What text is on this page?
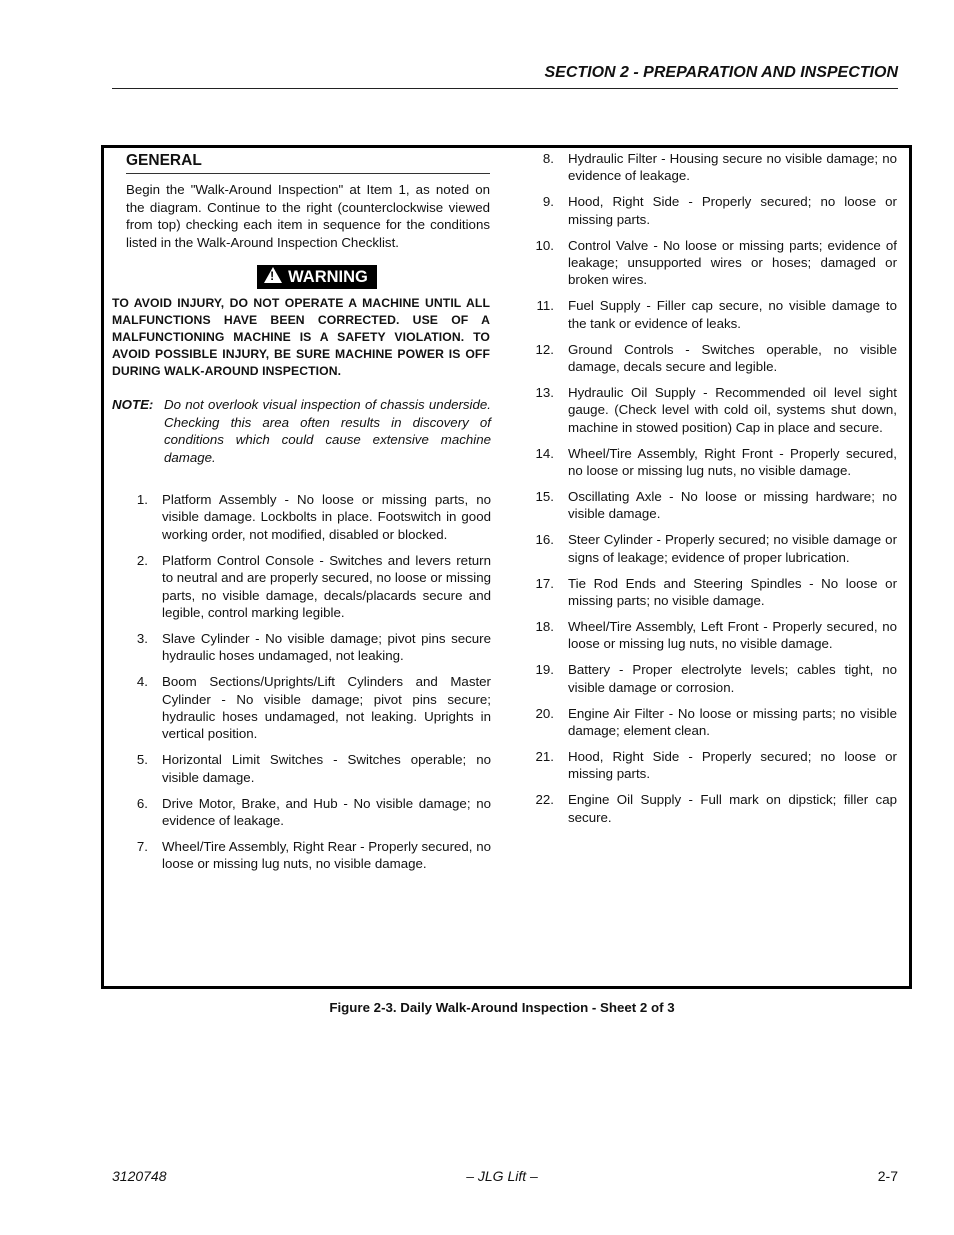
SECTION 2 - PREPARATION AND INSPECTION
GENERAL
Begin the "Walk-Around Inspection" at Item 1, as noted on the diagram. Continue to the right (counterclockwise viewed from top) checking each item in sequence for the conditions listed in the Walk-Around Inspection Checklist.
! WARNING
TO AVOID INJURY, DO NOT OPERATE A MACHINE UNTIL ALL MALFUNCTIONS HAVE BEEN CORRECTED. USE OF A MALFUNCTIONING MACHINE IS A SAFETY VIOLATION. TO AVOID POSSIBLE INJURY, BE SURE MACHINE POWER IS OFF DURING WALK-AROUND INSPECTION.
NOTE: Do not overlook visual inspection of chassis underside. Checking this area often results in discovery of conditions which could cause extensive machine damage.
1.	Platform Assembly - No loose or missing parts, no visible damage. Lockbolts in place. Footswitch in good working order, not modified, disabled or blocked.
2.	Platform Control Console - Switches and levers return to neutral and are properly secured, no loose or missing parts, no visible damage, decals/placards secure and legible, control marking legible.
3.	Slave Cylinder - No visible damage; pivot pins secure hydraulic hoses undamaged, not leaking.
4.	Boom Sections/Uprights/Lift Cylinders and Master Cylinder - No visible damage; pivot pins secure; hydraulic hoses undamaged, not leaking. Uprights in vertical position.
5.	Horizontal Limit Switches - Switches operable; no visible damage.
6.	Drive Motor, Brake, and Hub - No visible damage; no evidence of leakage.
7.	Wheel/Tire Assembly, Right Rear - Properly secured, no loose or missing lug nuts, no visible damage.
8.	Hydraulic Filter - Housing secure no visible damage; no evidence of leakage.
9.	Hood, Right Side - Properly secured; no loose or missing parts.
10.	Control Valve - No loose or missing parts; evidence of leakage; unsupported wires or hoses; damaged or broken wires.
11.	Fuel Supply - Filler cap secure, no visible damage to the tank or evidence of leaks.
12.	Ground Controls - Switches operable, no visible damage, decals secure and legible.
13.	Hydraulic Oil Supply - Recommended oil level sight gauge. (Check level with cold oil, systems shut down, machine in stowed position) Cap in place and secure.
14.	Wheel/Tire Assembly, Right Front - Properly secured, no loose or missing lug nuts, no visible damage.
15.	Oscillating Axle - No loose or missing hardware; no visible damage.
16.	Steer Cylinder - Properly secured; no visible damage or signs of leakage; evidence of proper lubrication.
17.	Tie Rod Ends and Steering Spindles - No loose or missing parts; no visible damage.
18.	Wheel/Tire Assembly, Left Front - Properly secured, no loose or missing lug nuts, no visible damage.
19.	Battery - Proper electrolyte levels; cables tight, no visible damage or corrosion.
20.	Engine Air Filter - No loose or missing parts; no visible damage; element clean.
21.	Hood, Right Side - Properly secured; no loose or missing parts.
22.	Engine Oil Supply - Full mark on dipstick; filler cap secure.
Figure 2-3. Daily Walk-Around Inspection - Sheet 2 of 3
3120748	– JLG Lift –	2-7
